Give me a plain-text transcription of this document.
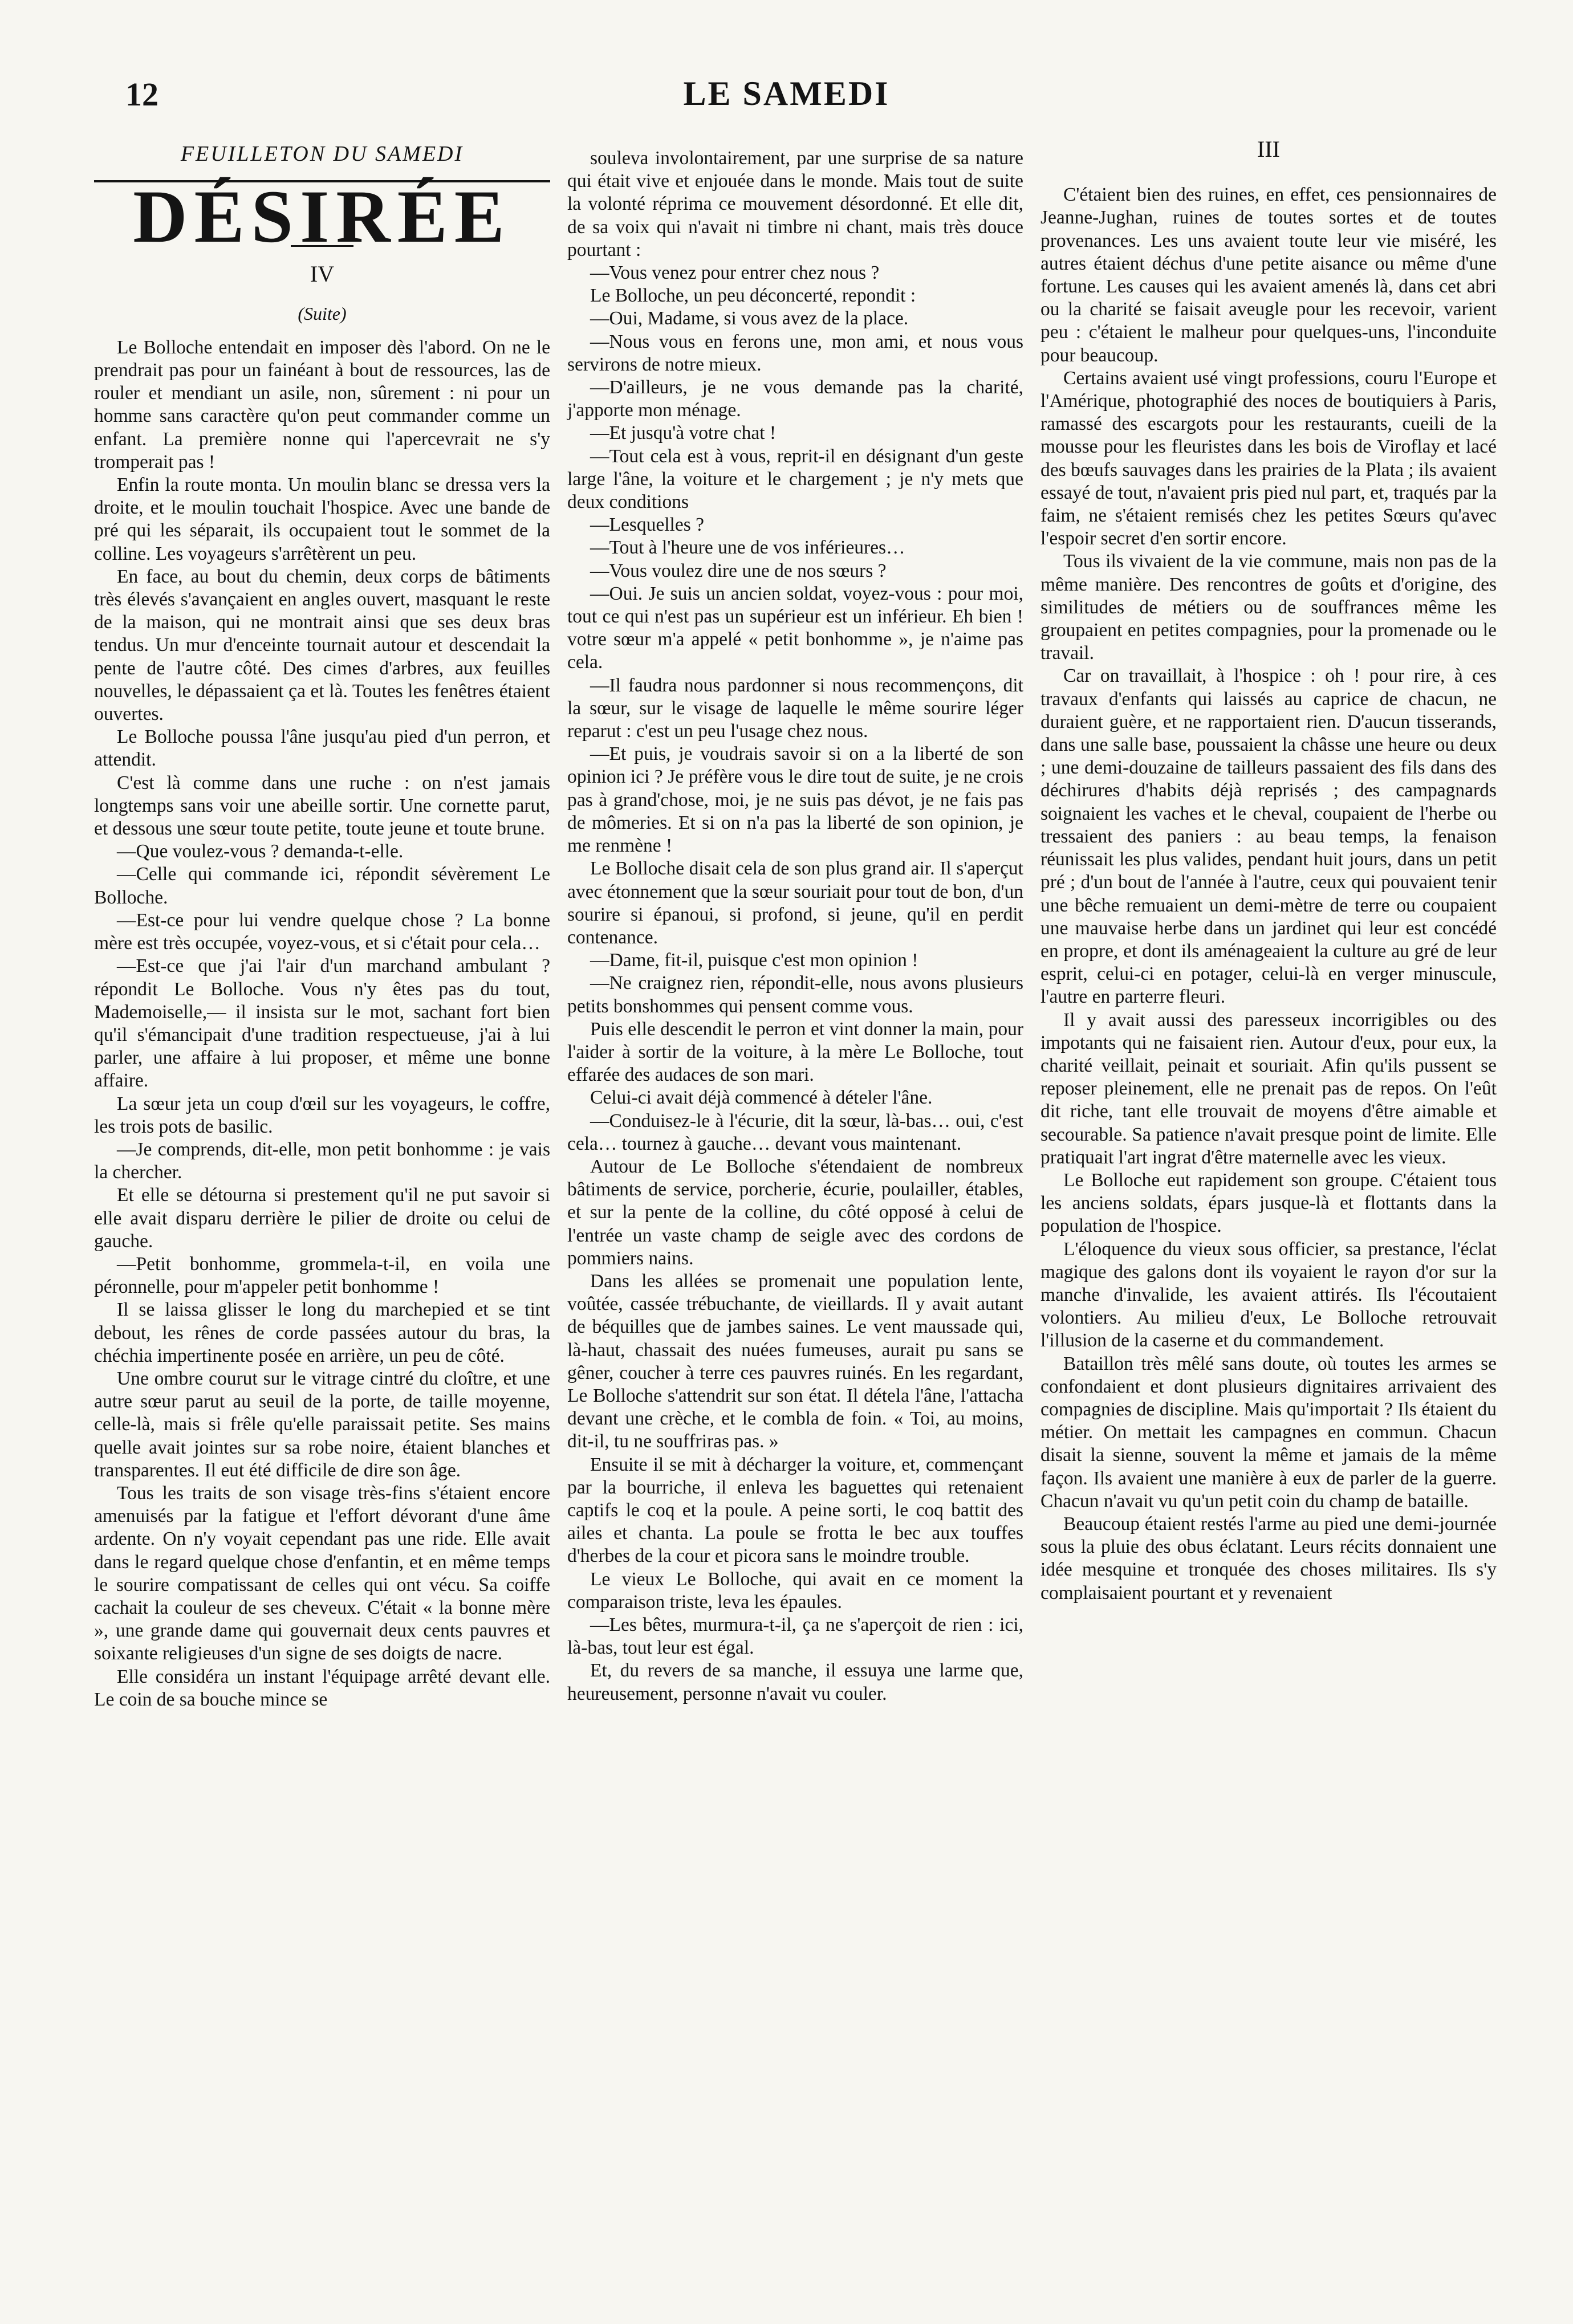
12	LE SAMEDI
FEUILLETON DU SAMEDI
DÉSIRÉE
IV
(Suite)

Le Bolloche entendait en imposer dès l'abord. On ne le prendrait pas pour un fainéant à bout de ressources, las de rouler et mendiant un asile, non, sûrement : ni pour un homme sans caractère qu'on peut commander comme un enfant. La première nonne qui l'apercevrait ne s'y tromperait pas !

Enfin la route monta. Un moulin blanc se dressa vers la droite, et le moulin touchait l'hospice. Avec une bande de pré qui les séparait, ils occupaient tout le sommet de la colline. Les voyageurs s'arrêtèrent un peu.

En face, au bout du chemin, deux corps de bâtiments très élevés s'avançaient en angles ouvert, masquant le reste de la maison, qui ne montrait ainsi que ses deux bras tendus. Un mur d'enceinte tournait autour et descendait la pente de l'autre côté. Des cimes d'arbres, aux feuilles nouvelles, le dépassaient ça et là. Toutes les fenêtres étaient ouvertes.

Le Bolloche poussa l'âne jusqu'au pied d'un perron, et attendit.

C'est là comme dans une ruche : on n'est jamais longtemps sans voir une abeille sortir. Une cornette parut, et dessous une sœur toute petite, toute jeune et toute brune.

—Que voulez-vous ? demanda-t-elle.

—Celle qui commande ici, répondit sévèrement Le Bolloche.

—Est-ce pour lui vendre quelque chose ? La bonne mère est très occupée, voyez-vous, et si c'était pour cela…

—Est-ce que j'ai l'air d'un marchand ambulant ? répondit Le Bolloche. Vous n'y êtes pas du tout, Mademoiselle,— il insista sur le mot, sachant fort bien qu'il s'émancipait d'une tradition respectueuse, j'ai à lui parler, une affaire à lui proposer, et même une bonne affaire.

La sœur jeta un coup d'œil sur les voyageurs, le coffre, les trois pots de basilic.

—Je comprends, dit-elle, mon petit bonhomme : je vais la chercher.

Et elle se détourna si prestement qu'il ne put savoir si elle avait disparu derrière le pilier de droite ou celui de gauche.

—Petit bonhomme, grommela-t-il, en voila une péronnelle, pour m'appeler petit bonhomme !

Il se laissa glisser le long du marchepied et se tint debout, les rênes de corde passées autour du bras, la chéchia impertinente posée en arrière, un peu de côté.

Une ombre courut sur le vitrage cintré du cloître, et une autre sœur parut au seuil de la porte, de taille moyenne, celle-là, mais si frêle qu'elle paraissait petite. Ses mains quelle avait jointes sur sa robe noire, étaient blanches et transparentes. Il eut été difficile de dire son âge.

Tous les traits de son visage très-fins s'étaient encore amenuisés par la fatigue et l'effort dévorant d'une âme ardente. On n'y voyait cependant pas une ride. Elle avait dans le regard quelque chose d'enfantin, et en même temps le sourire compatissant de celles qui ont vécu. Sa coiffe cachait la couleur de ses cheveux. C'était « la bonne mère », une grande dame qui gouvernait deux cents pauvres et soixante religieuses d'un signe de ses doigts de nacre.

Elle considéra un instant l'équipage arrêté devant elle. Le coin de sa bouche mince se

souleva involontairement, par une surprise de sa nature qui était vive et enjouée dans le monde. Mais tout de suite la volonté réprima ce mouvement désordonné. Et elle dit, de sa voix qui n'avait ni timbre ni chant, mais très douce pourtant :

—Vous venez pour entrer chez nous ?

Le Bolloche, un peu déconcerté, repondit :

—Oui, Madame, si vous avez de la place.

—Nous vous en ferons une, mon ami, et nous vous servirons de notre mieux.

—D'ailleurs, je ne vous demande pas la charité, j'apporte mon ménage.

—Et jusqu'à votre chat !

—Tout cela est à vous, reprit-il en désignant d'un geste large l'âne, la voiture et le chargement ; je n'y mets que deux conditions

—Lesquelles ?

—Tout à l'heure une de vos inférieures…

—Vous voulez dire une de nos sœurs ?

—Oui. Je suis un ancien soldat, voyez-vous : pour moi, tout ce qui n'est pas un supérieur est un inférieur. Eh bien ! votre sœur m'a appelé « petit bonhomme », je n'aime pas cela.

—Il faudra nous pardonner si nous recommençons, dit la sœur, sur le visage de laquelle le même sourire léger reparut : c'est un peu l'usage chez nous.

—Et puis, je voudrais savoir si on a la liberté de son opinion ici ? Je préfère vous le dire tout de suite, je ne crois pas à grand'chose, moi, je ne suis pas dévot, je ne fais pas de mômeries. Et si on n'a pas la liberté de son opinion, je me renmène !

Le Bolloche disait cela de son plus grand air. Il s'aperçut avec étonnement que la sœur souriait pour tout de bon, d'un sourire si épanoui, si profond, si jeune, qu'il en perdit contenance.

—Dame, fit-il, puisque c'est mon opinion !

—Ne craignez rien, répondit-elle, nous avons plusieurs petits bonshommes qui pensent comme vous.

Puis elle descendit le perron et vint donner la main, pour l'aider à sortir de la voiture, à la mère Le Bolloche, tout effarée des audaces de son mari.

Celui-ci avait déjà commencé à dételer l'âne.

—Conduisez-le à l'écurie, dit la sœur, là-bas… oui, c'est cela… tournez à gauche… devant vous maintenant.

Autour de Le Bolloche s'étendaient de nombreux bâtiments de service, porcherie, écurie, poulailler, étables, et sur la pente de la colline, du côté opposé à celui de l'entrée un vaste champ de seigle avec des cordons de pommiers nains.

Dans les allées se promenait une population lente, voûtée, cassée trébuchante, de vieillards. Il y avait autant de béquilles que de jambes saines. Le vent maussade qui, là-haut, chassait des nuées fumeuses, aurait pu sans se gêner, coucher à terre ces pauvres ruinés. En les regardant, Le Bolloche s'attendrit sur son état. Il dételа l'âne, l'attacha devant une crèche, et le combla de foin. « Toi, au moins, dit-il, tu ne souffriras pas. »

Ensuite il se mit à décharger la voiture, et, commençant par la bourriche, il enleva les baguettes qui retenaient captifs le coq et la poule. A peine sorti, le coq battit des ailes et chanta. La poule se frotta le bec aux touffes d'herbes de la cour et picora sans le moindre trouble.

Le vieux Le Bolloche, qui avait en ce moment la comparaison triste, leva les épaules.

—Les bêtes, murmura-t-il, ça ne s'aperçoit de rien : ici, là-bas, tout leur est égal.

Et, du revers de sa manche, il essuya une larme que, heureusement, personne n'avait vu couler.

III

C'étaient bien des ruines, en effet, ces pensionnaires de Jeanne-Jughan, ruines de toutes sortes et de toutes provenances. Les uns avaient toute leur vie miséré, les autres étaient déchus d'une petite aisance ou même d'une fortune. Les causes qui les avaient amenés là, dans cet abri ou la charité se faisait aveugle pour les recevoir, varient peu : c'étaient le malheur pour quelques-uns, l'inconduite pour beaucoup.

Certains avaient usé vingt professions, couru l'Europe et l'Amérique, photographié des noces de boutiquiers à Paris, ramassé des escargots pour les restaurants, cueili de la mousse pour les fleuristes dans les bois de Viroflay et lacé des bœufs sauvages dans les prairies de la Plata ; ils avaient essayé de tout, n'avaient pris pied nul part, et, traqués par la faim, ne s'étaient remisés chez les petites Sœurs qu'avec l'espoir secret d'en sortir encore.

Tous ils vivaient de la vie commune, mais non pas de la même manière. Des rencontres de goûts et d'origine, des similitudes de métiers ou de souffrances même les groupaient en petites compagnies, pour la promenade ou le travail.

Car on travaillait, à l'hospice : oh ! pour rire, à ces travaux d'enfants qui laissés au caprice de chacun, ne duraient guère, et ne rapportaient rien. D'aucun tisserands, dans une salle base, poussaient la châsse une heure ou deux ; une demi-douzaine de tailleurs passaient des fils dans des déchirures d'habits déjà reprisés ; des campagnards soignaient les vaches et le cheval, coupaient de l'herbe ou tressaient des paniers : au beau temps, la fenaison réunissait les plus valides, pendant huit jours, dans un petit pré ; d'un bout de l'année à l'autre, ceux qui pouvaient tenir une bêche remuaient un demi-mètre de terre ou coupaient une mauvaise herbe dans un jardinet qui leur est concédé en propre, et dont ils aménageaient la culture au gré de leur esprit, celui-ci en potager, celui-là en verger minuscule, l'autre en parterre fleuri.

Il y avait aussi des paresseux incorrigibles ou des impotants qui ne faisaient rien. Autour d'eux, pour eux, la charité veillait, peinait et souriait. Afin qu'ils pussent se reposer pleinement, elle ne prenait pas de repos. On l'eût dit riche, tant elle trouvait de moyens d'être aimable et secourable. Sa patience n'avait presque point de limite. Elle pratiquait l'art ingrat d'être maternelle avec les vieux.

Le Bolloche eut rapidement son groupe. C'étaient tous les anciens soldats, épars jusque-là et flottants dans la population de l'hospice.

L'éloquence du vieux sous officier, sa prestance, l'éclat magique des galons dont ils voyaient le rayon d'or sur la manche d'invalide, les avaient attirés. Ils l'écoutaient volontiers. Au milieu d'eux, Le Bolloche retrouvait l'illusion de la caserne et du commandement.

Bataillon très mêlé sans doute, où toutes les armes se confondaient et dont plusieurs dignitaires arrivaient des compagnies de discipline. Mais qu'importait ? Ils étaient du métier. On mettait les campagnes en commun. Chacun disait la sienne, souvent la même et jamais de la même façon. Ils avaient une manière à eux de parler de la guerre. Chacun n'avait vu qu'un petit coin du champ de bataille.

Beaucoup étaient restés l'arme au pied une demi-journée sous la pluie des obus éclatant. Leurs récits donnaient une idée mesquine et tronquée des choses militaires. Ils s'y complaisaient pourtant et y revenaient
